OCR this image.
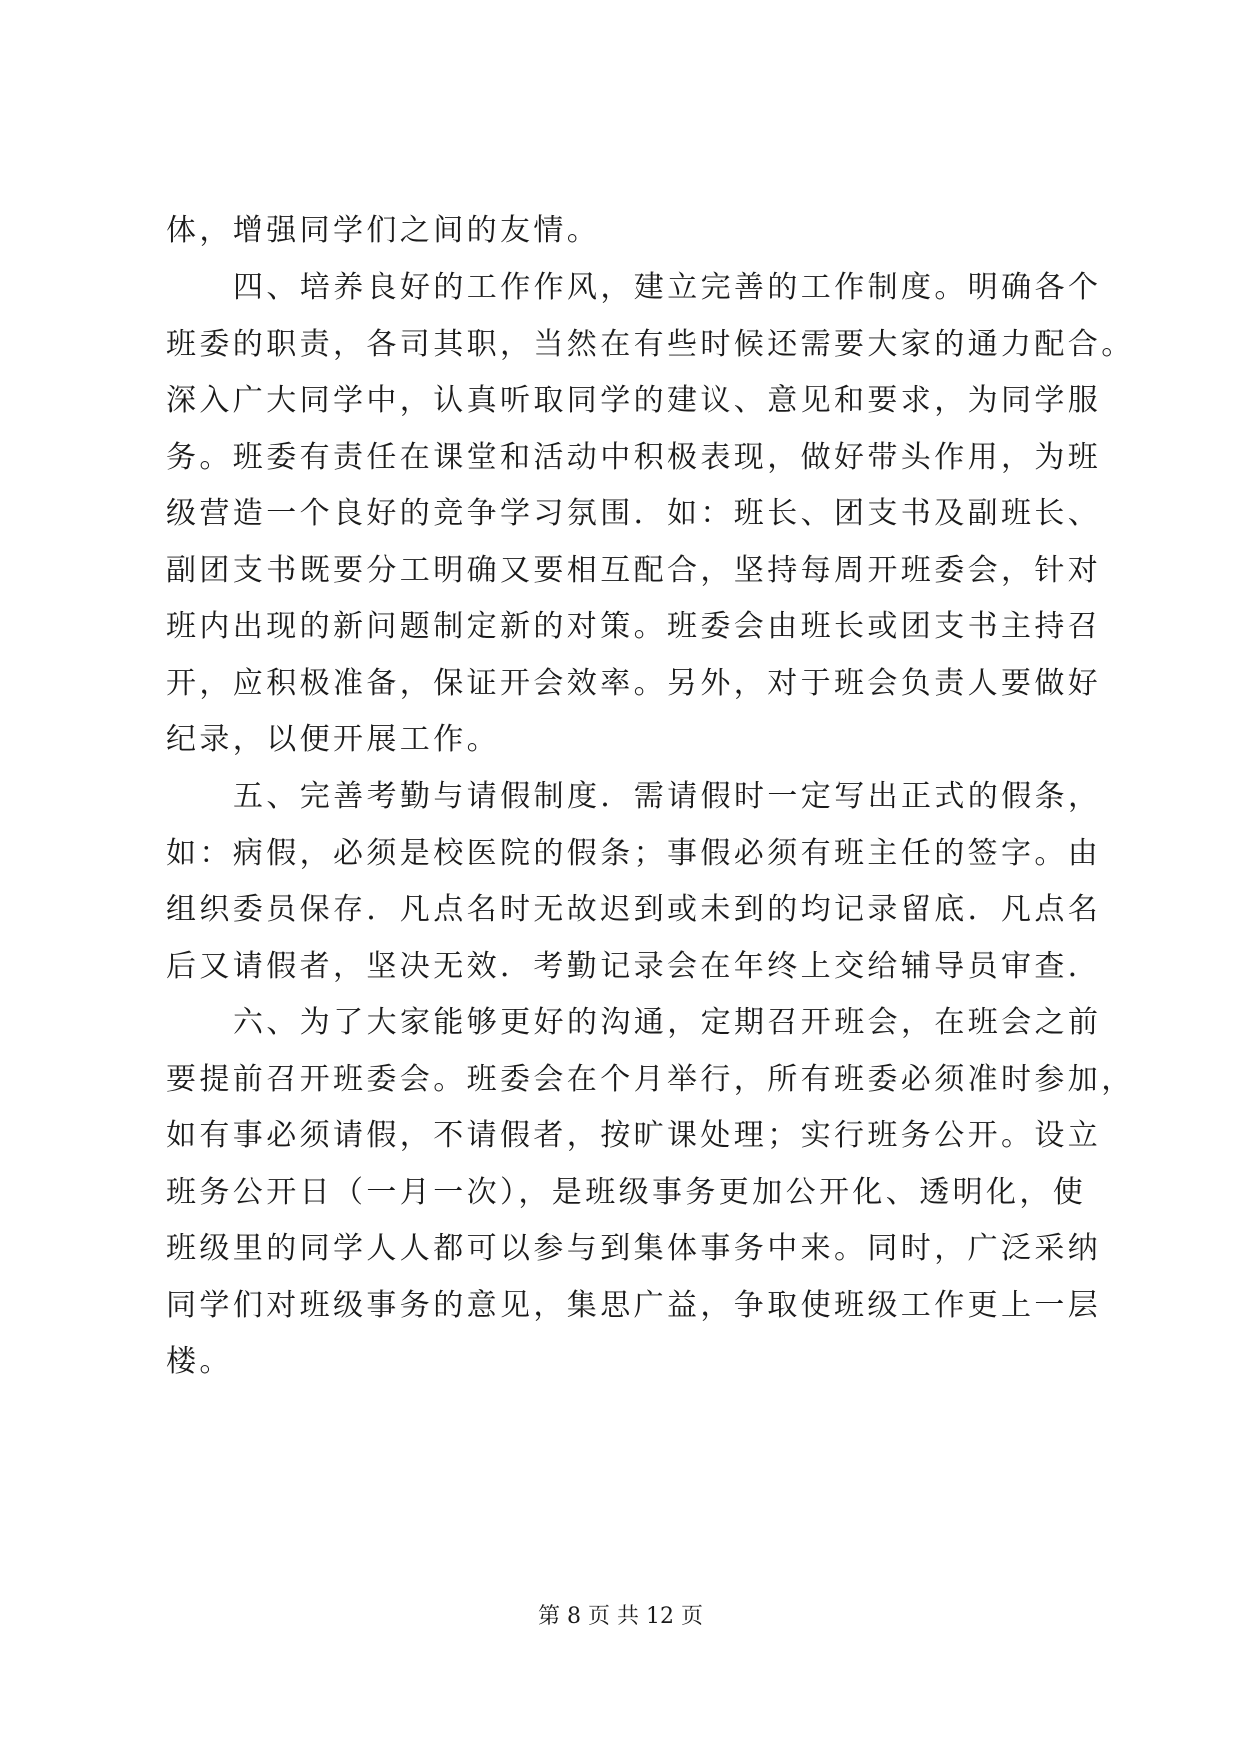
体，增强同学们之间的友情。
四、培养良好的工作作风，建立完善的工作制度。明确各个
班委的职责，各司其职，当然在有些时候还需要大家的通力配合。
深入广大同学中，认真听取同学的建议、意见和要求，为同学服
务。班委有责任在课堂和活动中积极表现，做好带头作用，为班
级营造一个良好的竞争学习氛围．如：班长、团支书及副班长、
副团支书既要分工明确又要相互配合，坚持每周开班委会，针对
班内出现的新问题制定新的对策。班委会由班长或团支书主持召
开，应积极准备，保证开会效率。另外，对于班会负责人要做好
纪录，以便开展工作。
五、完善考勤与请假制度．需请假时一定写出正式的假条，
如：病假，必须是校医院的假条；事假必须有班主任的签字。由
组织委员保存．凡点名时无故迟到或未到的均记录留底．凡点名
后又请假者，坚决无效．考勤记录会在年终上交给辅导员审查．
六、为了大家能够更好的沟通，定期召开班会，在班会之前
要提前召开班委会。班委会在个月举行，所有班委必须准时参加，
如有事必须请假，不请假者，按旷课处理；实行班务公开。设立
班务公开日（一月一次），是班级事务更加公开化、透明化，使
班级里的同学人人都可以参与到集体事务中来。同时，广泛采纳
同学们对班级事务的意见，集思广益，争取使班级工作更上一层
楼。
第 8 页 共 12 页
